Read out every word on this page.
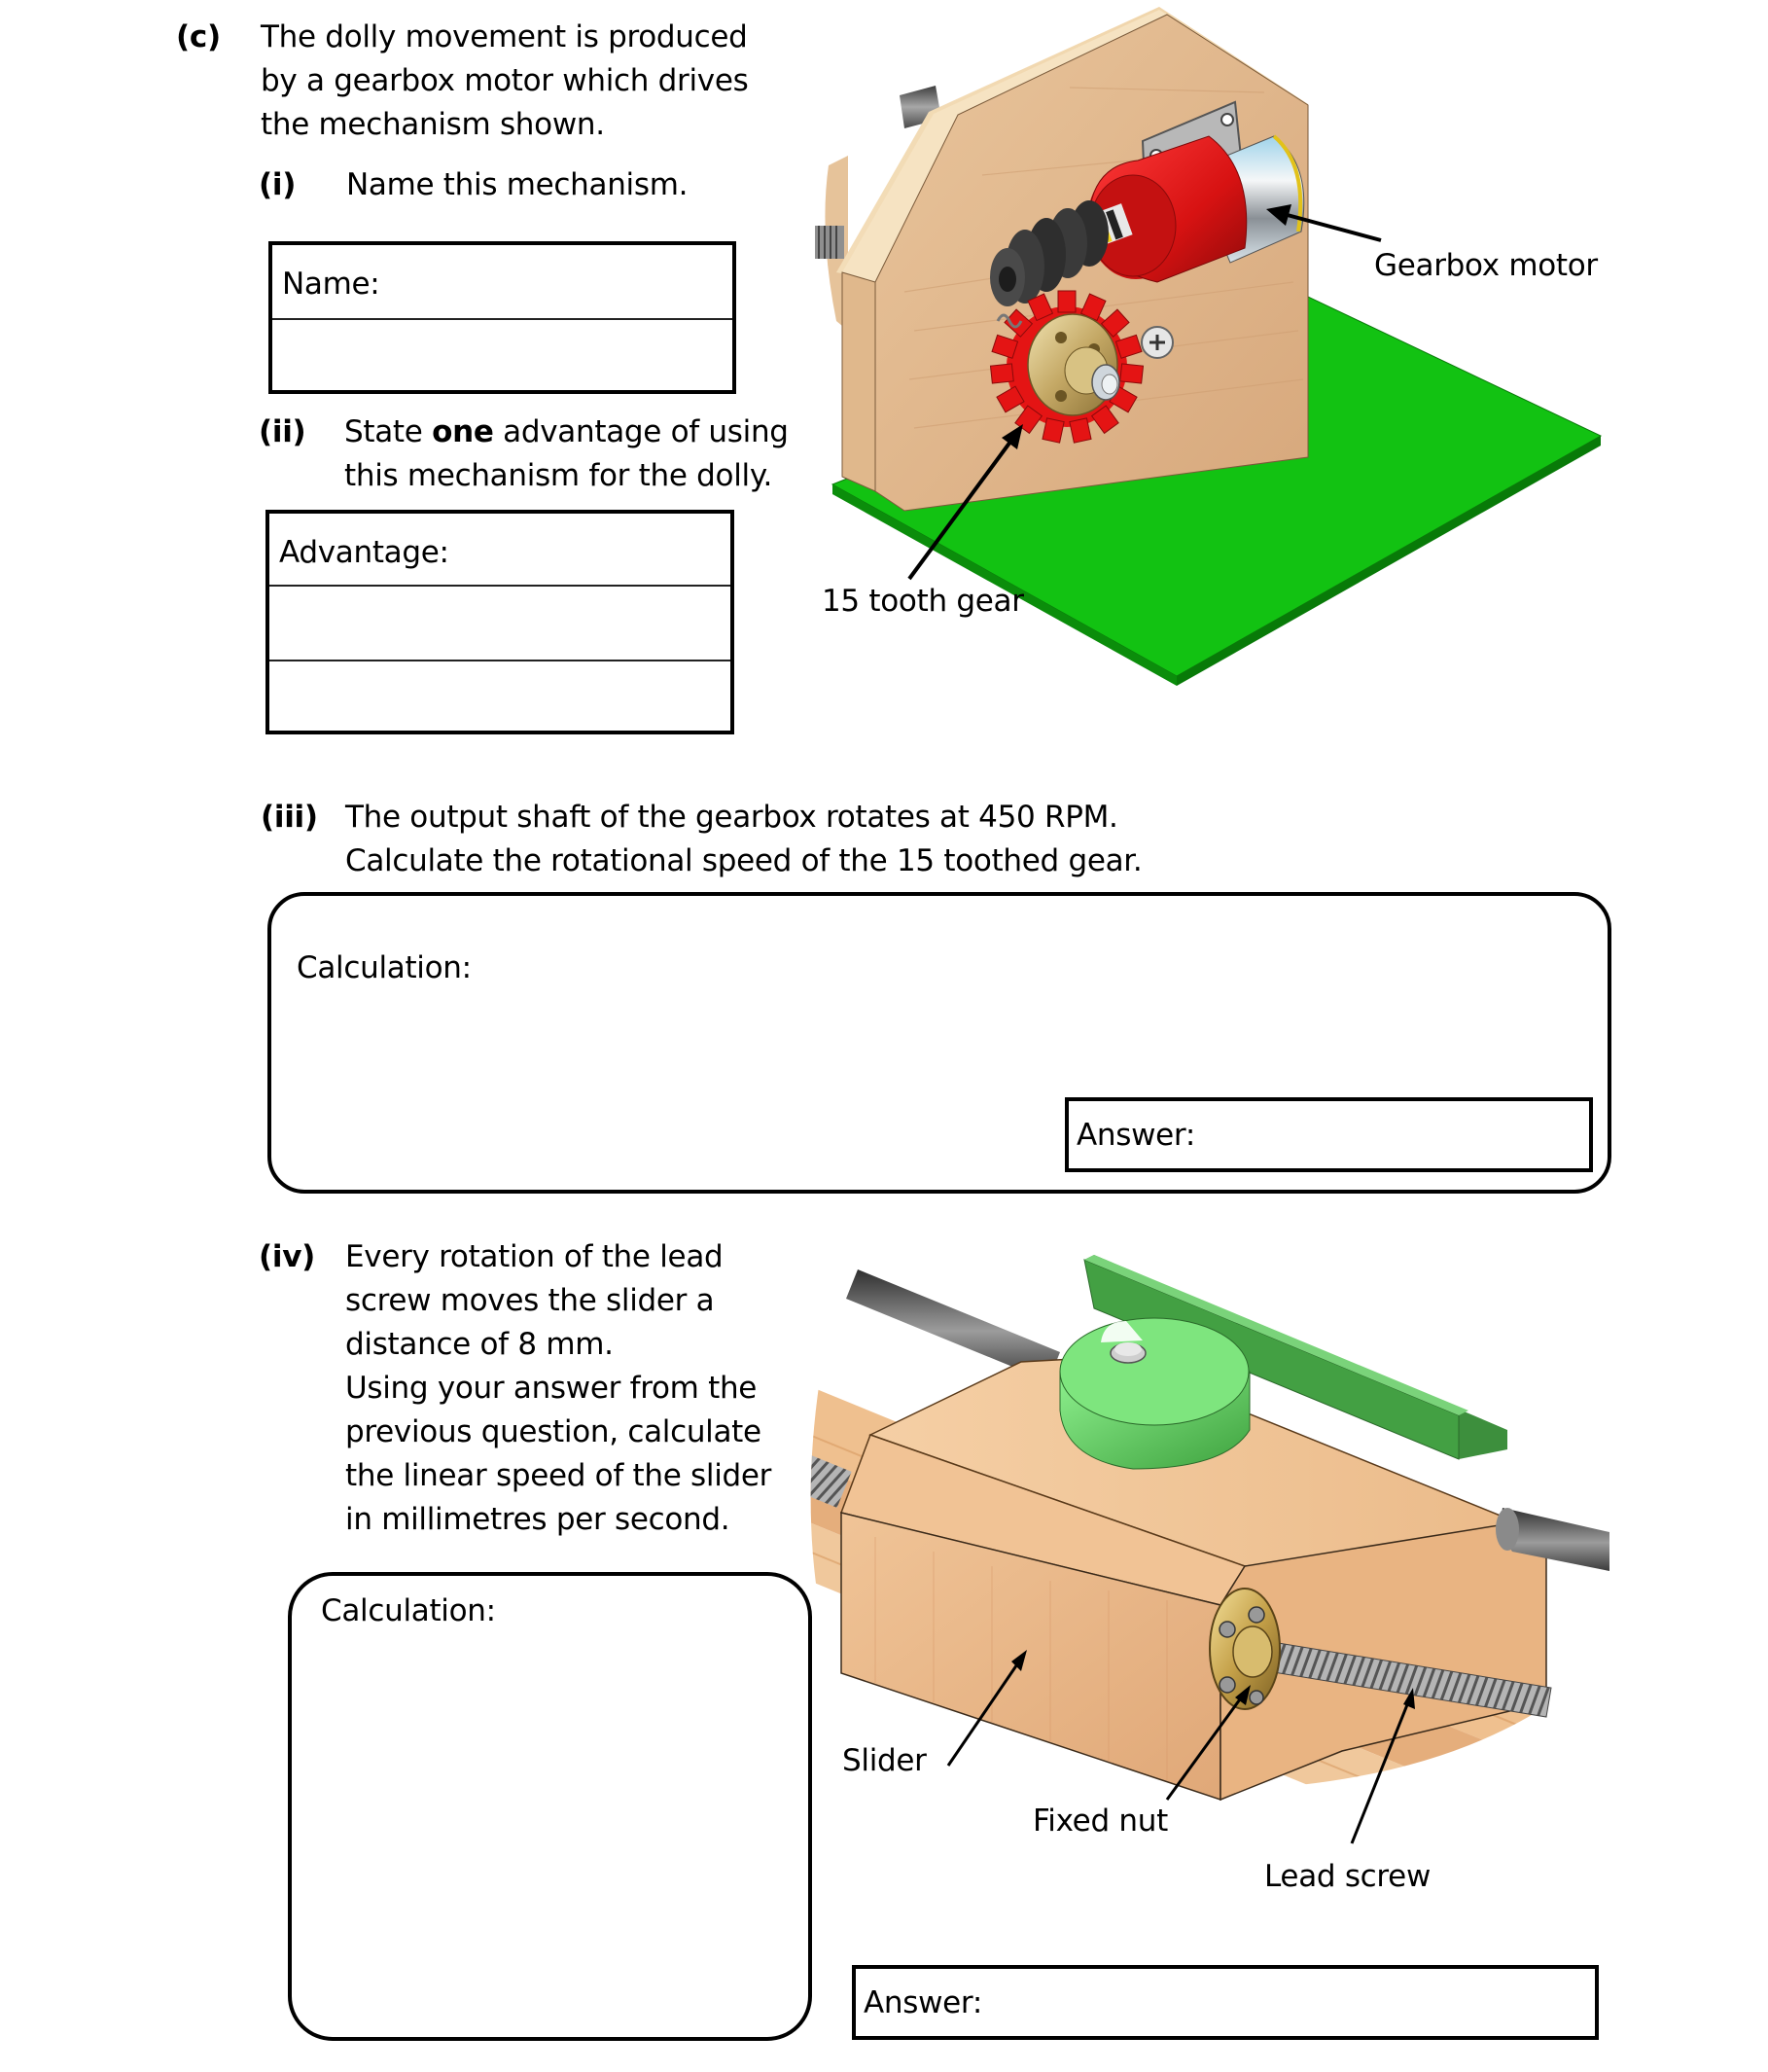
(c) The dolly movement is produced
by a gearbox motor which drives
the mechanism shown.
(i) Name this mechanism.
Name:
(ii) State one advantage of using
this mechanism for the dolly.
Advantage:
Gearbox motor
15 tooth gear
(iii) The output shaft of the gearbox rotates at 450 RPM.
Calculate the rotational speed of the 15 toothed gear.
Calculation:
Answer:
(iv) Every rotation of the lead
screw moves the slider a
distance of 8 mm.
Using your answer from the
previous question, calculate
the linear speed of the slider
in millimetres per second.
Slider
Fixed nut
Lead screw
Calculation:
Answer:
